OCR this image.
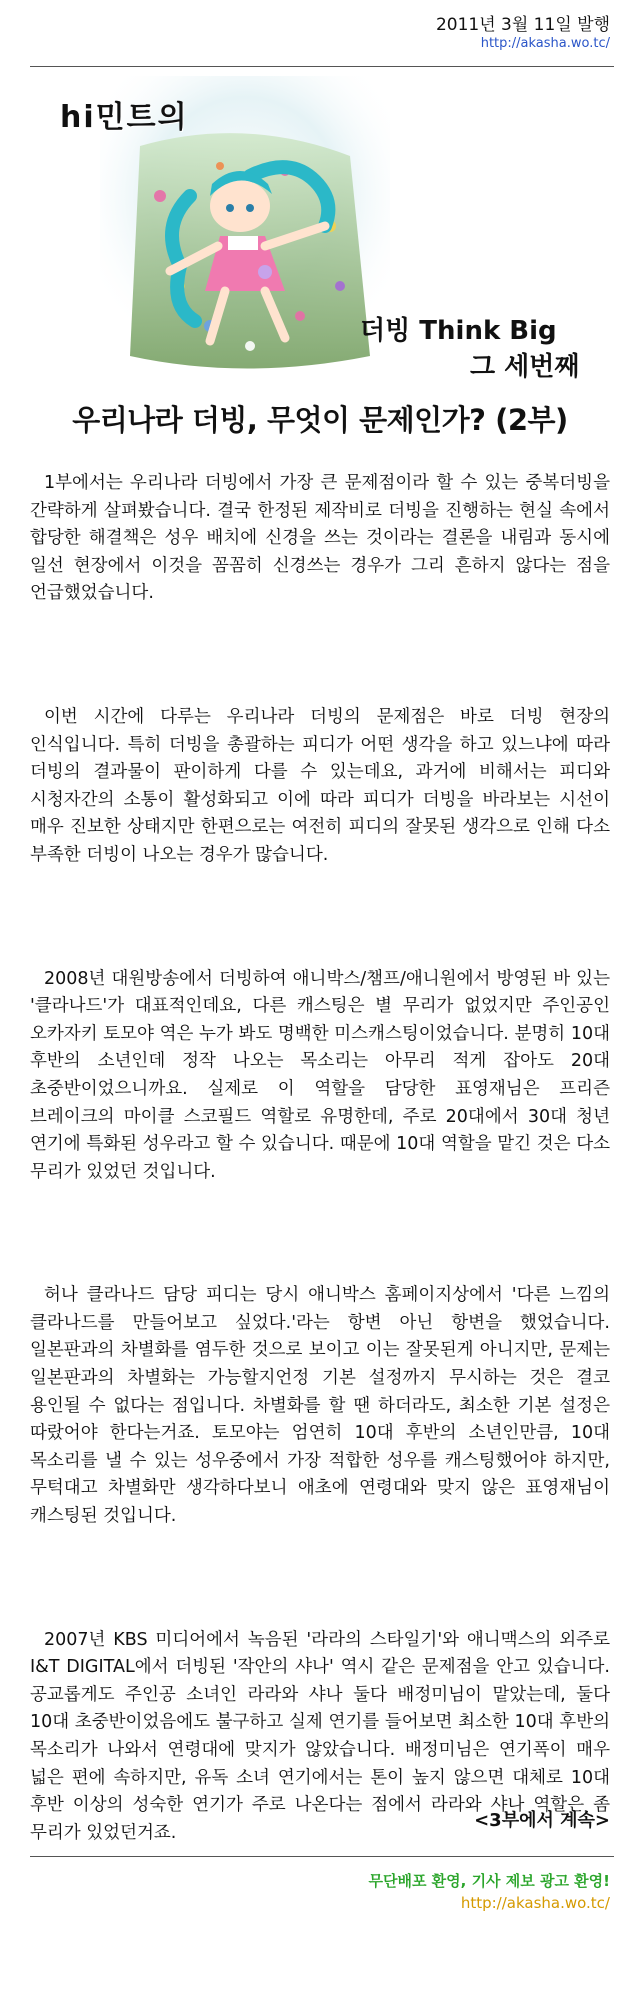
2011년 3월 11일 발행
http://akasha.wo.tc/
hi민트의
더빙 Think Big
그 세번째
우리나라 더빙, 무엇이 문제인가? (2부)

1부에서는 우리나라 더빙에서 가장 큰 문제점이라 할 수 있는 중복더빙을 간략하게 살펴봤습니다. 결국 한정된 제작비로 더빙을 진행하는 현실 속에서 합당한 해결책은 성우 배치에 신경을 쓰는 것이라는 결론을 내림과 동시에 일선 현장에서 이것을 꼼꼼히 신경쓰는 경우가 그리 흔하지 않다는 점을 언급했었습니다.

이번 시간에 다루는 우리나라 더빙의 문제점은 바로 더빙 현장의 인식입니다. 특히 더빙을 총괄하는 피디가 어떤 생각을 하고 있느냐에 따라 더빙의 결과물이 판이하게 다를 수 있는데요, 과거에 비해서는 피디와 시청자간의 소통이 활성화되고 이에 따라 피디가 더빙을 바라보는 시선이 매우 진보한 상태지만 한편으로는 여전히 피디의 잘못된 생각으로 인해 다소 부족한 더빙이 나오는 경우가 많습니다.

2008년 대원방송에서 더빙하여 애니박스/챔프/애니원에서 방영된 바 있는 '클라나드'가 대표적인데요, 다른 캐스팅은 별 무리가 없었지만 주인공인 오카자키 토모야 역은 누가 봐도 명백한 미스캐스팅이었습니다. 분명히 10대 후반의 소년인데 정작 나오는 목소리는 아무리 적게 잡아도 20대 초중반이었으니까요. 실제로 이 역할을 담당한 표영재님은 프리즌 브레이크의 마이클 스코필드 역할로 유명한데, 주로 20대에서 30대 청년 연기에 특화된 성우라고 할 수 있습니다. 때문에 10대 역할을 맡긴 것은 다소 무리가 있었던 것입니다.

허나 클라나드 담당 피디는 당시 애니박스 홈페이지상에서 '다른 느낌의 클라나드를 만들어보고 싶었다.'라는 항변 아닌 항변을 했었습니다. 일본판과의 차별화를 염두한 것으로 보이고 이는 잘못된게 아니지만, 문제는 일본판과의 차별화는 가능할지언정 기본 설정까지 무시하는 것은 결코 용인될 수 없다는 점입니다. 차별화를 할 땐 하더라도, 최소한 기본 설정은 따랐어야 한다는거죠. 토모야는 엄연히 10대 후반의 소년인만큼, 10대 목소리를 낼 수 있는 성우중에서 가장 적합한 성우를 캐스팅했어야 하지만, 무턱대고 차별화만 생각하다보니 애초에 연령대와 맞지 않은 표영재님이 캐스팅된 것입니다.

2007년 KBS 미디어에서 녹음된 '라라의 스타일기'와 애니맥스의 외주로 I&T DIGITAL에서 더빙된 '작안의 샤나' 역시 같은 문제점을 안고 있습니다. 공교롭게도 주인공 소녀인 라라와 샤나 둘다 배정미님이 맡았는데, 둘다 10대 초중반이었음에도 불구하고 실제 연기를 들어보면 최소한 10대 후반의 목소리가 나와서 연령대에 맞지가 않았습니다. 배정미님은 연기폭이 매우 넓은 편에 속하지만, 유독 소녀 연기에서는 톤이 높지 않으면 대체로 10대 후반 이상의 성숙한 연기가 주로 나온다는 점에서 라라와 샤나 역할은 좀 무리가 있었던거죠.

<3부에서 계속>
무단배포 환영, 기사 제보 광고 환영!
http://akasha.wo.tc/
